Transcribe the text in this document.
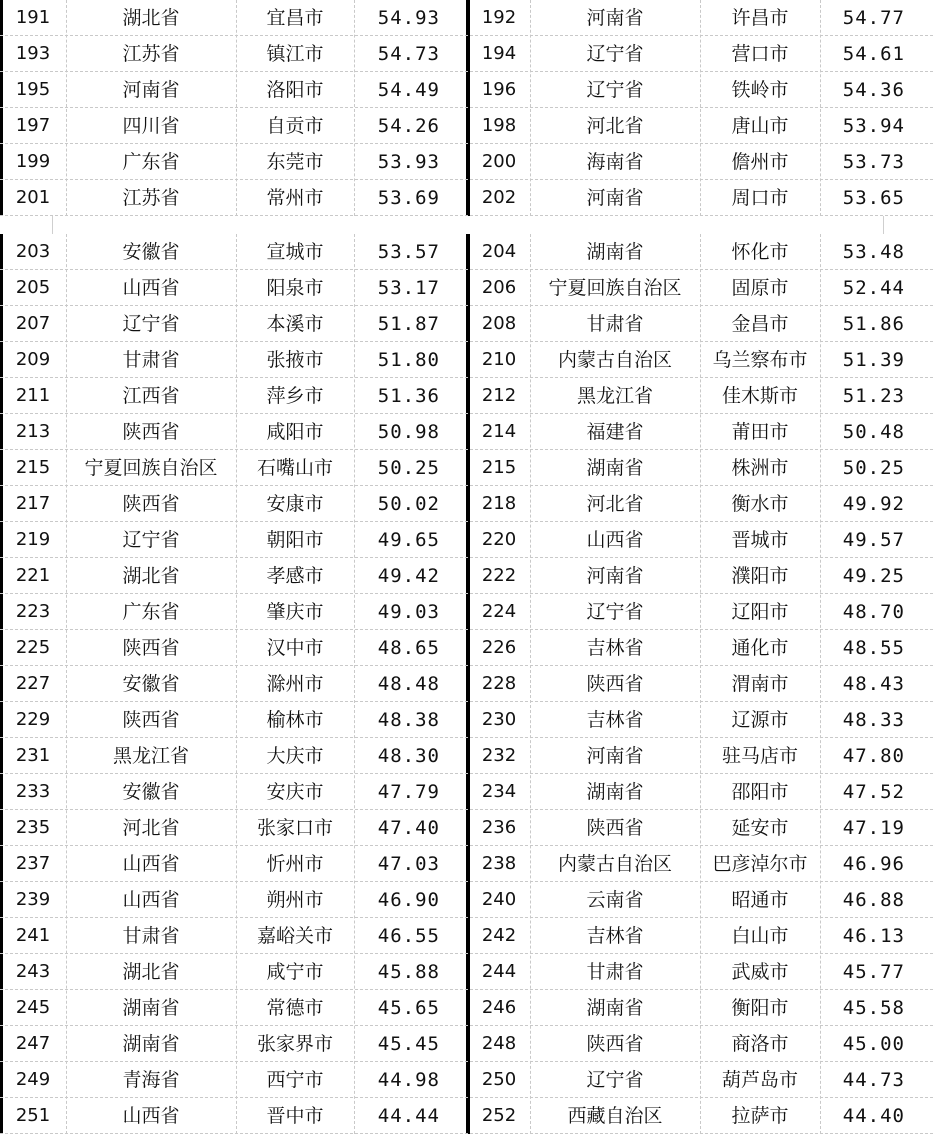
191	湖北省	宜昌市	54.93	192	河南省	许昌市	54.77
193	江苏省	镇江市	54.73	194	辽宁省	营口市	54.61
195	河南省	洛阳市	54.49	196	辽宁省	铁岭市	54.36
197	四川省	自贡市	54.26	198	河北省	唐山市	53.94
199	广东省	东莞市	53.93	200	海南省	儋州市	53.73
201	江苏省	常州市	53.69	202	河南省	周口市	53.65
203	安徽省	宣城市	53.57	204	湖南省	怀化市	53.48
205	山西省	阳泉市	53.17	206	宁夏回族自治区	固原市	52.44
207	辽宁省	本溪市	51.87	208	甘肃省	金昌市	51.86
209	甘肃省	张掖市	51.80	210	内蒙古自治区	乌兰察布市	51.39
211	江西省	萍乡市	51.36	212	黑龙江省	佳木斯市	51.23
213	陕西省	咸阳市	50.98	214	福建省	莆田市	50.48
215	宁夏回族自治区	石嘴山市	50.25	215	湖南省	株洲市	50.25
217	陕西省	安康市	50.02	218	河北省	衡水市	49.92
219	辽宁省	朝阳市	49.65	220	山西省	晋城市	49.57
221	湖北省	孝感市	49.42	222	河南省	濮阳市	49.25
223	广东省	肇庆市	49.03	224	辽宁省	辽阳市	48.70
225	陕西省	汉中市	48.65	226	吉林省	通化市	48.55
227	安徽省	滁州市	48.48	228	陕西省	渭南市	48.43
229	陕西省	榆林市	48.38	230	吉林省	辽源市	48.33
231	黑龙江省	大庆市	48.30	232	河南省	驻马店市	47.80
233	安徽省	安庆市	47.79	234	湖南省	邵阳市	47.52
235	河北省	张家口市	47.40	236	陕西省	延安市	47.19
237	山西省	忻州市	47.03	238	内蒙古自治区	巴彦淖尔市	46.96
239	山西省	朔州市	46.90	240	云南省	昭通市	46.88
241	甘肃省	嘉峪关市	46.55	242	吉林省	白山市	46.13
243	湖北省	咸宁市	45.88	244	甘肃省	武威市	45.77
245	湖南省	常德市	45.65	246	湖南省	衡阳市	45.58
247	湖南省	张家界市	45.45	248	陕西省	商洛市	45.00
249	青海省	西宁市	44.98	250	辽宁省	葫芦岛市	44.73
251	山西省	晋中市	44.44	252	西藏自治区	拉萨市	44.40
